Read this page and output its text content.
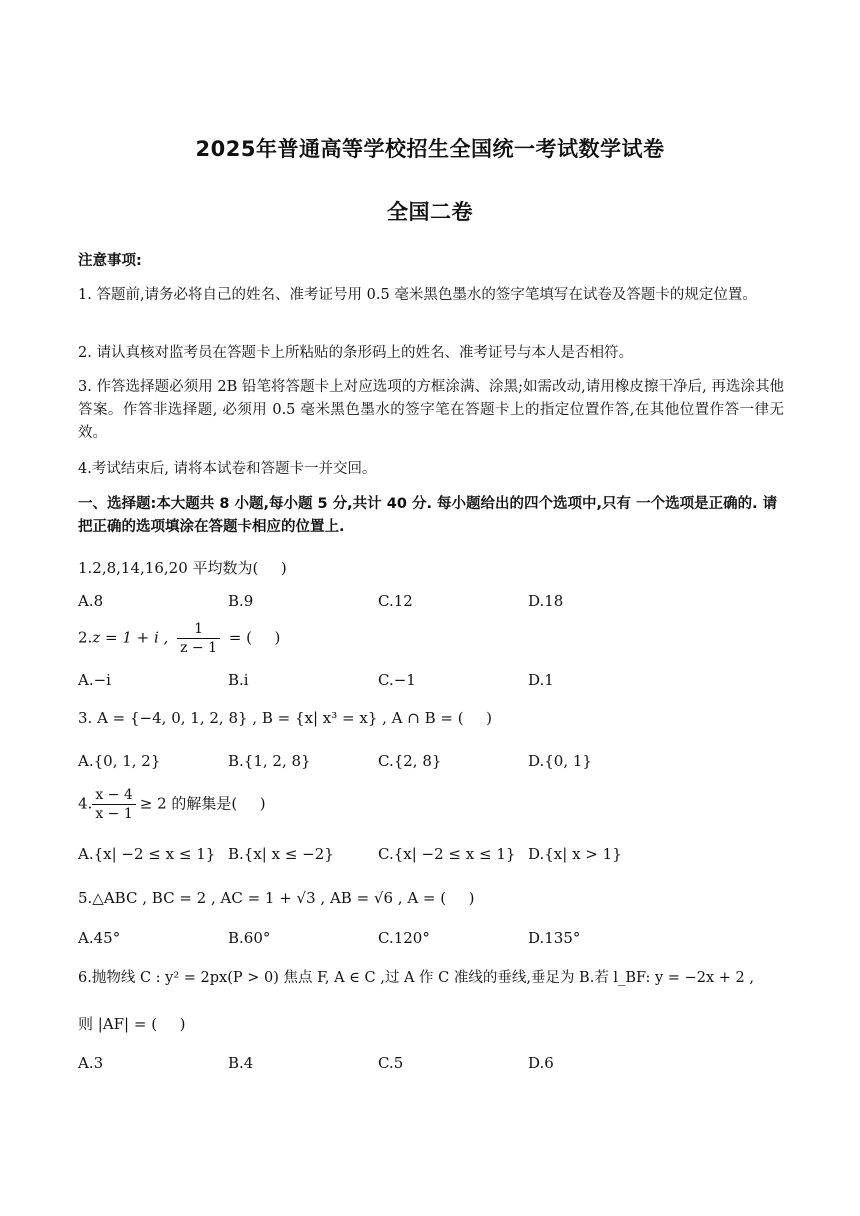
2025年普通高等学校招生全国统一考试数学试卷
全国二卷
注意事项:
1. 答题前,请务必将自己的姓名、准考证号用 0.5 毫米黑色墨水的签字笔填写在试卷及答题卡的规定位置。
2. 请认真核对监考员在答题卡上所粘贴的条形码上的姓名、准考证号与本人是否相符。
3. 作答选择题必须用 2B 铅笔将答题卡上对应选项的方框涂满、涂黑;如需改动,请用橡皮擦干净后, 再选涂其他答案。作答非选择题, 必须用 0.5 毫米黑色墨水的签字笔在答题卡上的指定位置作答,在其他位置作答一律无效。
4.考试结束后, 请将本试卷和答题卡一并交回。
一、选择题:本大题共 8 小题,每小题 5 分,共计 40 分. 每小题给出的四个选项中,只有 一个选项是正确的. 请把正确的选项填涂在答题卡相应的位置上.
1.2,8,14,16,20 平均数为(  )
A.8	B.9	C.12	D.18
2.z = 1 + i , $\frac{1}{z - 1}$ = (  )
A.−i	B.i	C.−1	D.1
3. A = {−4, 0, 1, 2, 8} , B = {x| x³ = x} , A ∩ B = (  )
A.{0, 1, 2}	B.{1, 2, 8}	C.{2, 8}	D.{0, 1}
4. $\frac{x - 4}{x - 1} \ge 2$ 的解集是(  )
A.{x| −2 ≤ x ≤ 1} B.{x| x ≤ −2}	C.{x| −2 ≤ x ≤ 1} D.{x| x > 1}
5.△ABC , BC = 2 , AC = 1 + √3 , AB = √6 , A = (  )
A.45°	B.60°	C.120°	D.135°
6.抛物线 C : y² = 2px(P > 0) 焦点 F, A ∈ C ,过 A 作 C 准线的垂线,垂足为 B.若 l_BF: y = −2x + 2 ,
则 |AF| = (  )
A.3	B.4	C.5	D.6
